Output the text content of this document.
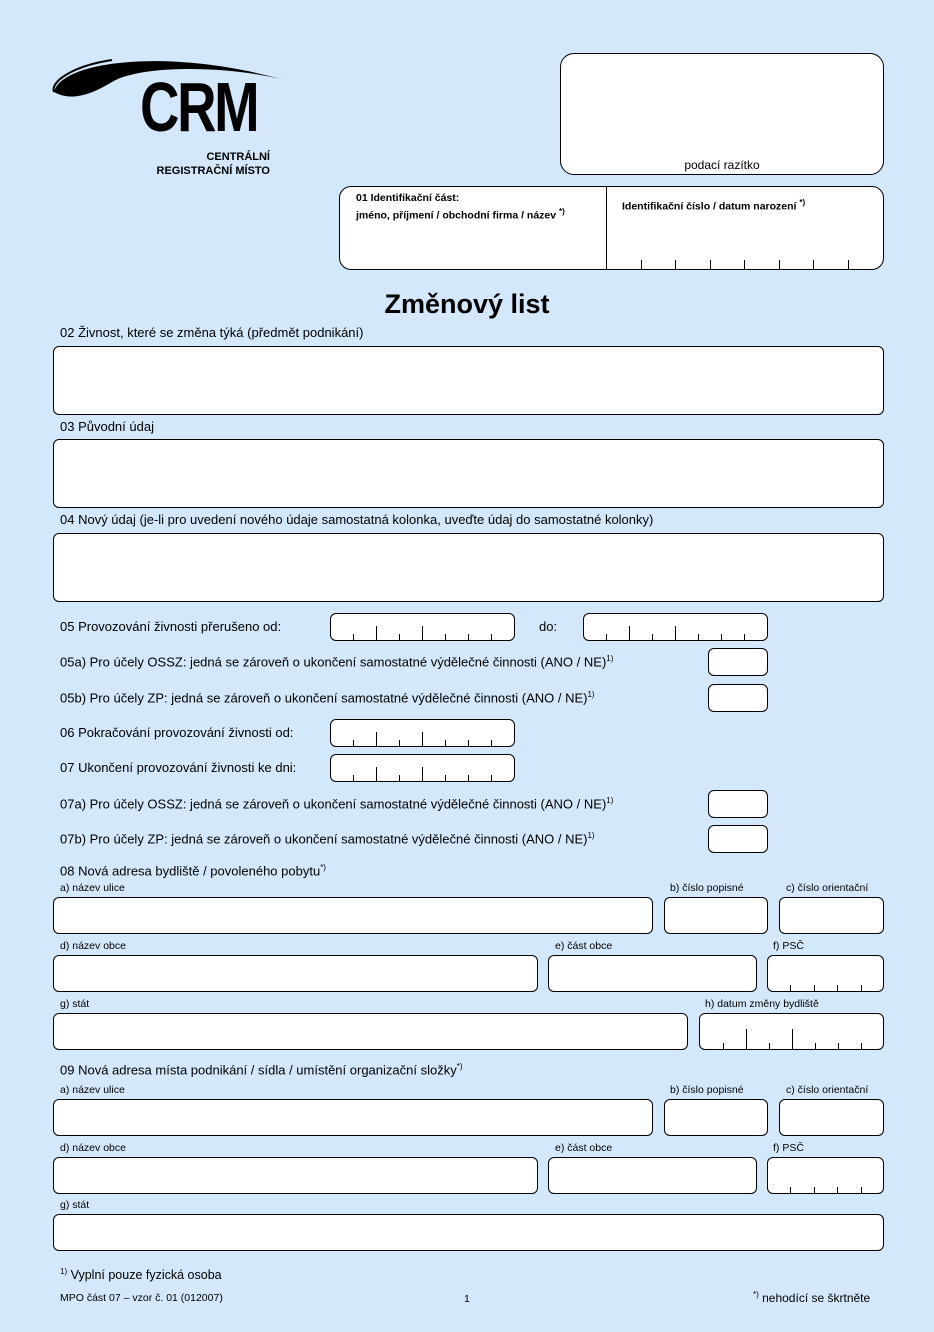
CRM
CENTRÁLNÍ
REGISTRAČNÍ MÍSTO	podací razítko
01 Identifikační část:
jméno, příjmení / obchodní firma / název *)	Identifikační číslo / datum narození *)
Změnový list
02 Živnost, které se změna týká (předmět podnikání)
03 Původní údaj
04 Nový údaj (je-li pro uvedení nového údaje samostatná kolonka, uveďte údaj do samostatné kolonky)
05 Provozování živnosti přerušeno od:	do:
05a) Pro účely OSSZ: jedná se zároveň o ukončení samostatné výdělečné činnosti (ANO / NE)$^{1)}$
05b) Pro účely ZP: jedná se zároveň o ukončení samostatné výdělečné činnosti (ANO / NE)$^{1)}$
06 Pokračování provozování živnosti od:
07 Ukončení provozování živnosti ke dni:
07a) Pro účely OSSZ: jedná se zároveň o ukončení samostatné výdělečné činnosti (ANO / NE)$^{1)}$
07b) Pro účely ZP: jedná se zároveň o ukončení samostatné výdělečné činnosti (ANO / NE)$^{1)}$
08 Nová adresa bydliště / povoleného pobytu*)
a) název ulice	b) číslo popisné	c) číslo orientační
d) název obce	e) část obce	f) PSČ
g) stát	h) datum změny bydliště
09 Nová adresa místa podnikání / sídla / umístění organizační složky*)
a) název ulice	b) číslo popisné	c) číslo orientační
d) název obce	e) část obce	f) PSČ
g) stát
$^{1)}$ Vyplní pouze fyzická osoba
MPO část 07 – vzor č. 01 (012007)	1	*) nehodící se škrtněte
